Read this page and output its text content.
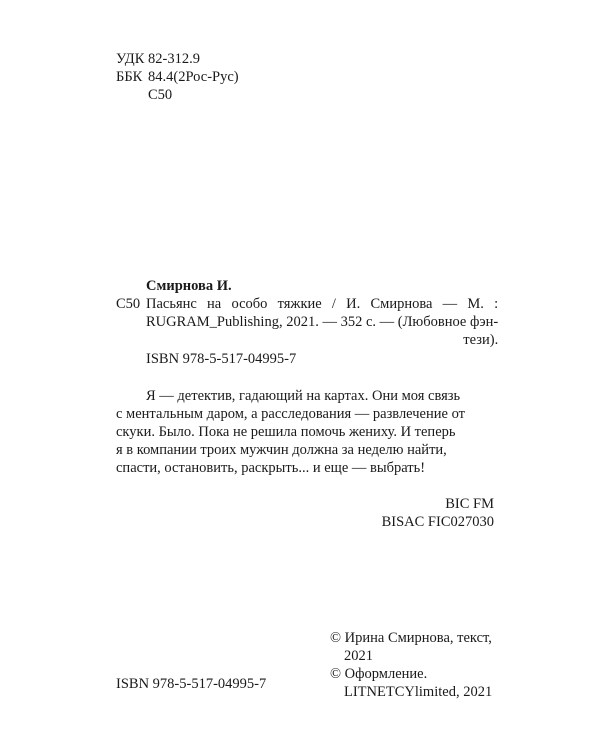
УДК 82-312.9
ББК 84.4(2Рос-Рус)
С50
Смирнова И.
С50 Пасьянс на особо тяжкие / И. Смирнова — М. :
RUGRAM_Publishing, 2021. — 352 с. — (Любовное фэн-
тези).
ISBN 978-5-517-04995-7
Я — детектив, гадающий на картах. Они моя связь
с ментальным даром, а расследования — развлечение от
скуки. Было. Пока не решила помочь жениху. И теперь
я в компании троих мужчин должна за неделю найти,
спасти, остановить, раскрыть... и еще — выбрать!
BIC FM
BISAC FIC027030
© Ирина Смирнова, текст,
2021
© Оформление.
LITNETCYlimited, 2021
ISBN 978-5-517-04995-7
